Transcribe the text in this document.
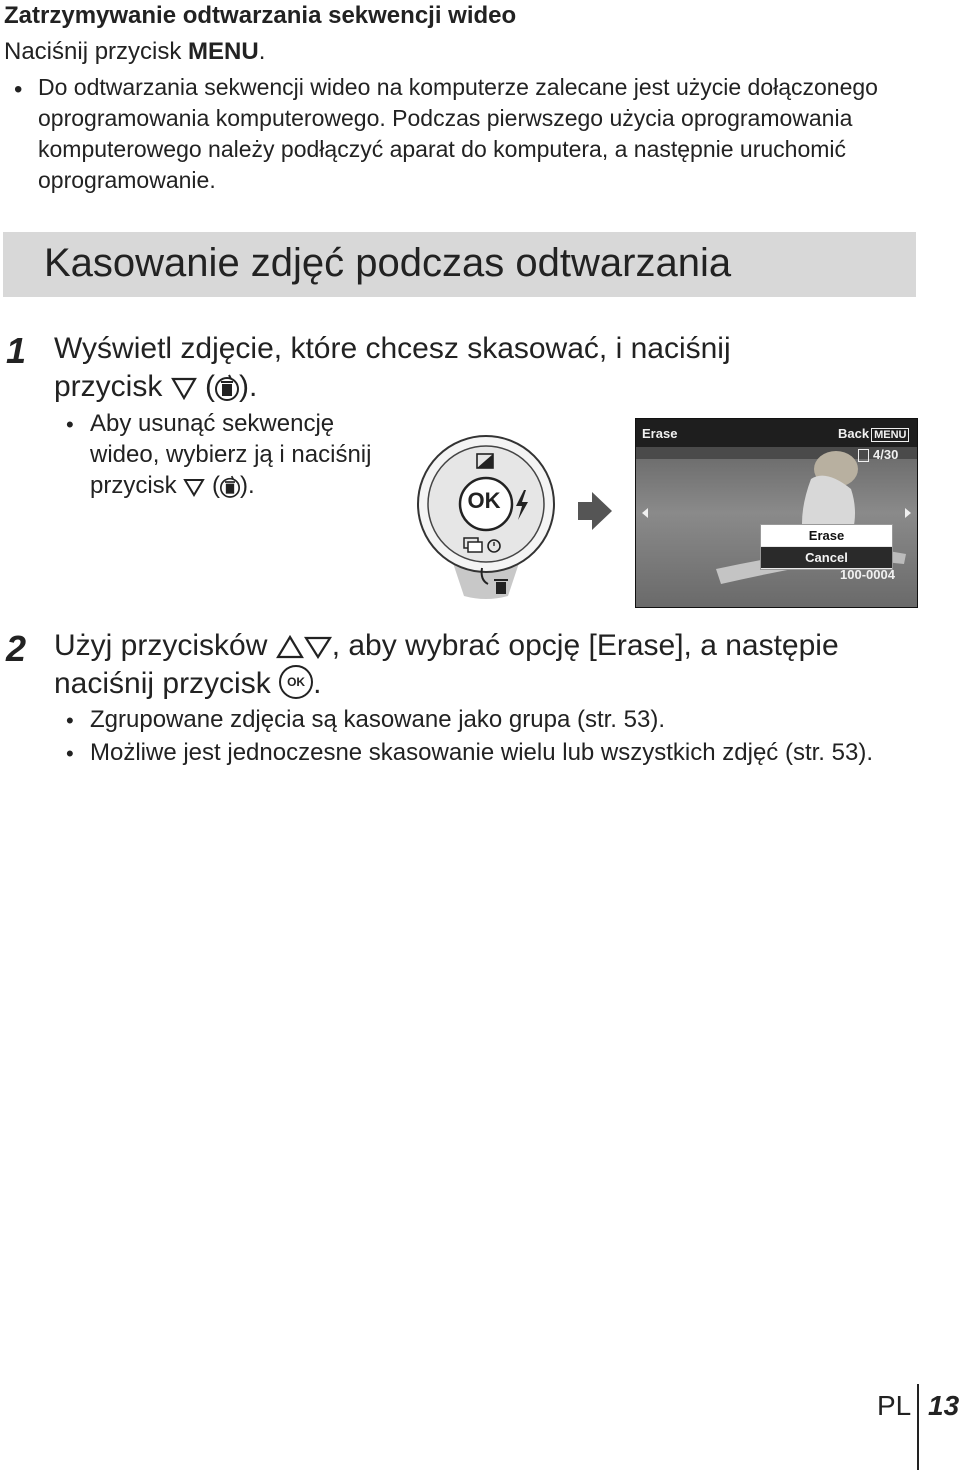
Zatrzymywanie odtwarzania sekwencji wideo
Naciśnij przycisk MENU.
• Do odtwarzania sekwencji wideo na komputerze zalecane jest użycie dołączonego oprogramowania komputerowego. Podczas pierwszego użycia oprogramowania komputerowego należy podłączyć aparat do komputera, a następnie uruchomić oprogramowanie.
Kasowanie zdjęć podczas odtwarzania
1 Wyświetl zdjęcie, które chcesz skasować, i naciśnij
przycisk ( ).
• Aby usunąć sekwencję
wideo, wybierz ją i naciśnij
przycisk ( ).
OK
Erase	Back MENU
4/30
Erase
Cancel
100-0004
2 Użyj przycisków , aby wybrać opcję [Erase], a następie
naciśnij przycisk OK .
• Zgrupowane zdjęcia są kasowane jako grupa (str. 53).
• Możliwe jest jednoczesne skasowanie wielu lub wszystkich zdjęć (str. 53).
PL 13
